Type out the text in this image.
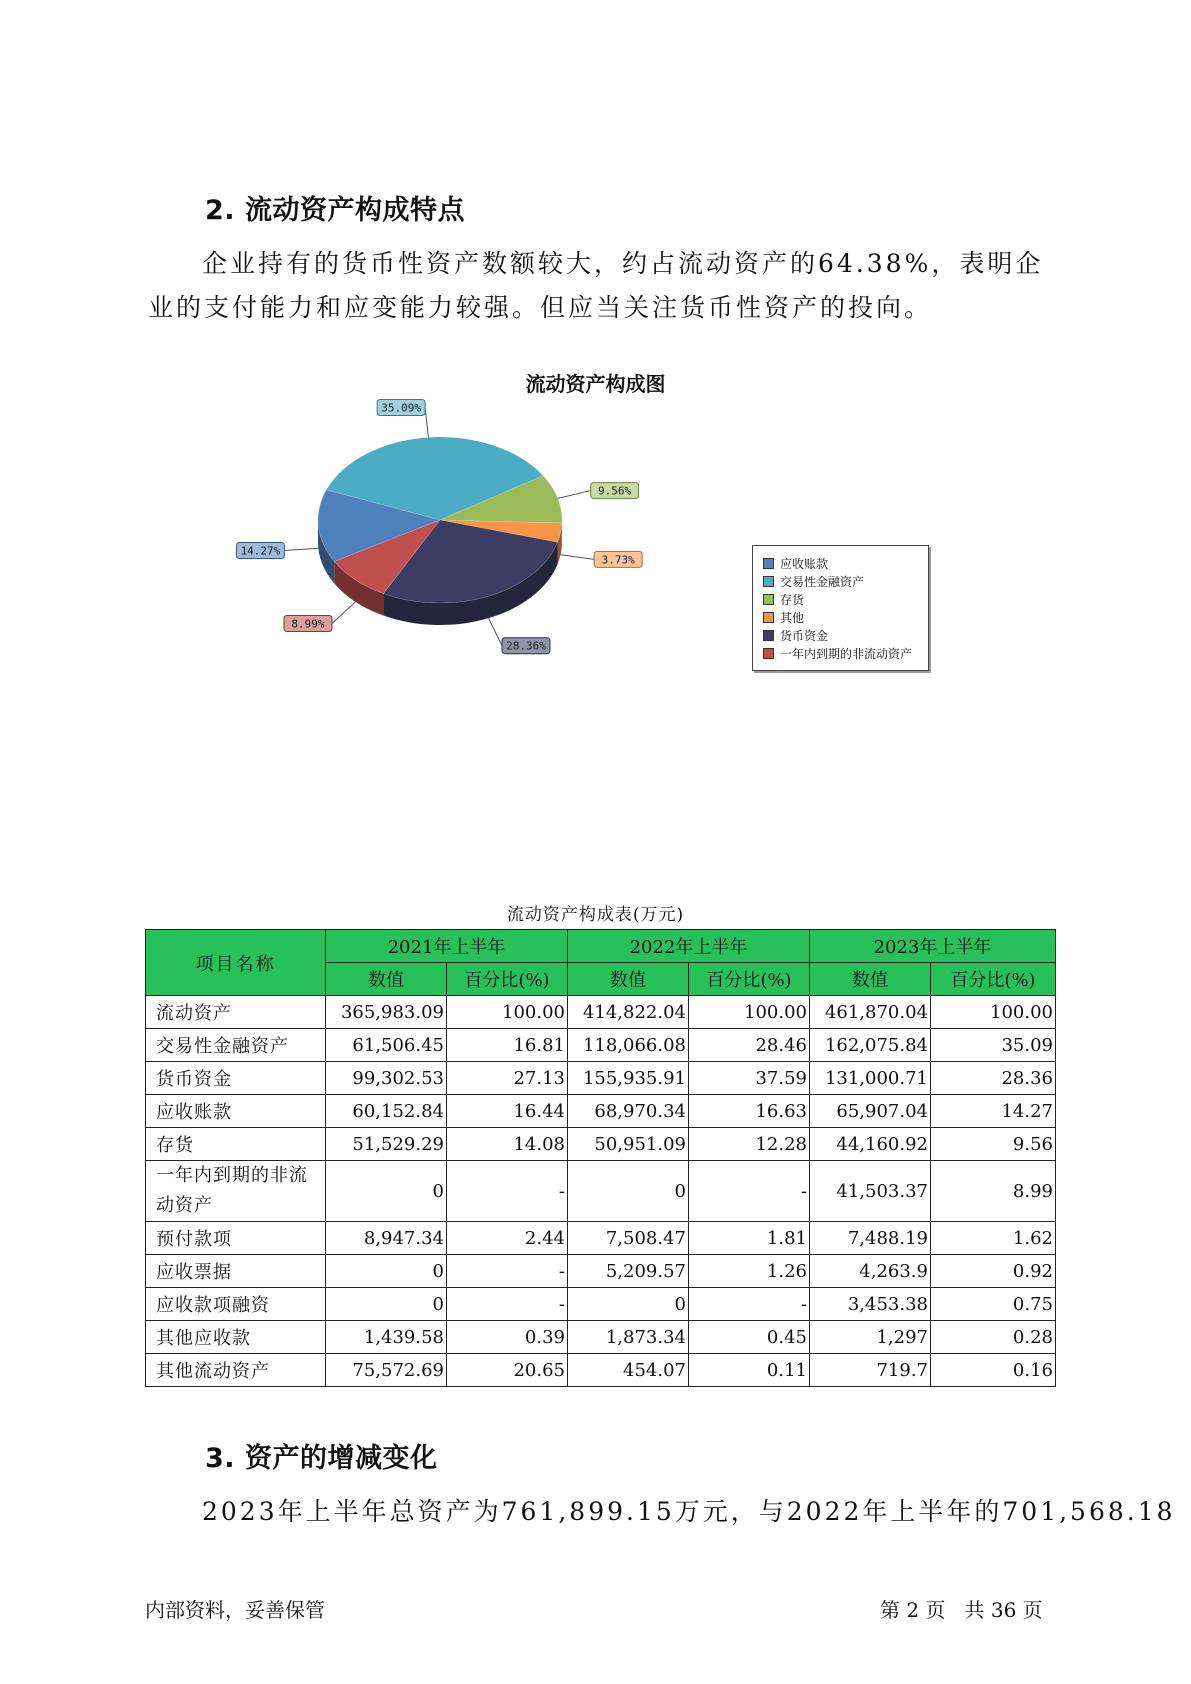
2. 流动资产构成特点
企业持有的货币性资产数额较大，约占流动资产的64.38%，表明企业的支付能力和应变能力较强。但应当关注货币性资产的投向。
流动资产构成图
14.27%
35.09%
9.56%
3.73%
28.36%
8.99%
应收账款
交易性金融资产
存货
其他
货币资金
一年内到期的非流动资产
流动资产构成表(万元)
项目名称	2021年上半年		2022年上半年		2023年上半年	
	数值	百分比(%)	数值	百分比(%)	数值	百分比(%)
流动资产	365,983.09	100.00	414,822.04	100.00	461,870.04	100.00
交易性金融资产	61,506.45	16.81	118,066.08	28.46	162,075.84	35.09
货币资金	99,302.53	27.13	155,935.91	37.59	131,000.71	28.36
应收账款	60,152.84	16.44	68,970.34	16.63	65,907.04	14.27
存货	51,529.29	14.08	50,951.09	12.28	44,160.92	9.56
一年内到期的非流动资产	0	-	0	-	41,503.37	8.99
预付款项	8,947.34	2.44	7,508.47	1.81	7,488.19	1.62
应收票据	0	-	5,209.57	1.26	4,263.9	0.92
应收款项融资	0	-	0	-	3,453.38	0.75
其他应收款	1,439.58	0.39	1,873.34	0.45	1,297	0.28
其他流动资产	75,572.69	20.65	454.07	0.11	719.7	0.16
3. 资产的增减变化
2023年上半年总资产为761,899.15万元，与2022年上半年的701,568.18
内部资料，妥善保管	第 2 页   共 36 页
